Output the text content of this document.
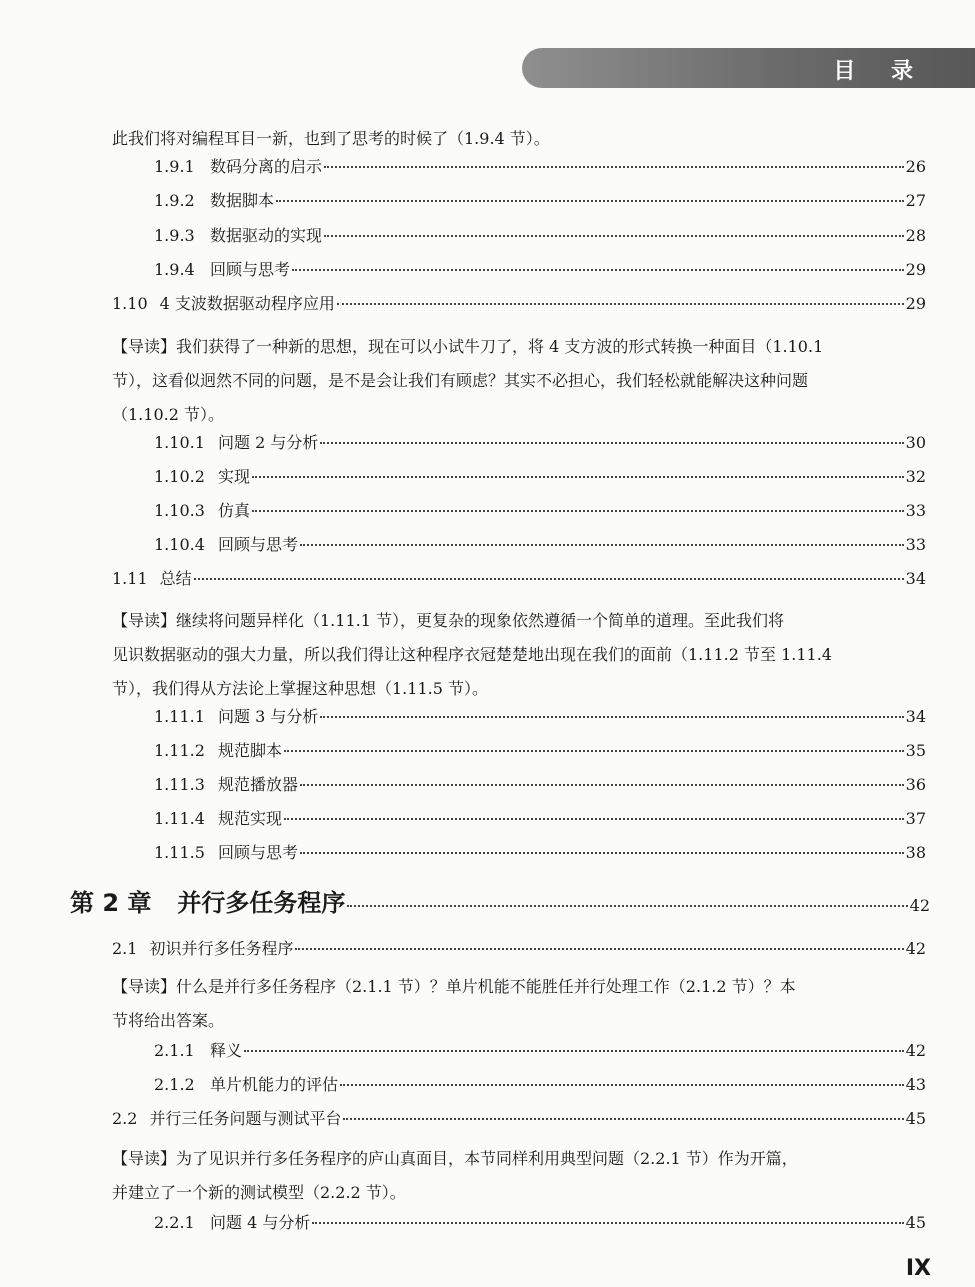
目 录
此我们将对编程耳目一新，也到了思考的时候了（1.9.4 节）。
1.9.1 数码分离的启示	26
1.9.2 数据脚本	27
1.9.3 数据驱动的实现	28
1.9.4 回顾与思考	29
1.10 4 支波数据驱动程序应用	29
【导读】我们获得了一种新的思想，现在可以小试牛刀了，将 4 支方波的形式转换一种面目（1.10.1
节），这看似迥然不同的问题，是不是会让我们有顾虑？其实不必担心，我们轻松就能解决这种问题
（1.10.2 节）。
1.10.1 问题 2 与分析	30
1.10.2 实现	32
1.10.3 仿真	33
1.10.4 回顾与思考	33
1.11 总结	34
【导读】继续将问题异样化（1.11.1 节），更复杂的现象依然遵循一个简单的道理。至此我们将
见识数据驱动的强大力量，所以我们得让这种程序衣冠楚楚地出现在我们的面前（1.11.2 节至 1.11.4
节），我们得从方法论上掌握这种思想（1.11.5 节）。
1.11.1 问题 3 与分析	34
1.11.2 规范脚本	35
1.11.3 规范播放器	36
1.11.4 规范实现	37
1.11.5 回顾与思考	38
第 2 章 并行多任务程序	42
2.1 初识并行多任务程序	42
【导读】什么是并行多任务程序（2.1.1 节）？单片机能不能胜任并行处理工作（2.1.2 节）？本
节将给出答案。
2.1.1 释义	42
2.1.2 单片机能力的评估	43
2.2 并行三任务问题与测试平台	45
【导读】为了见识并行多任务程序的庐山真面目，本节同样利用典型问题（2.2.1 节）作为开篇，
并建立了一个新的测试模型（2.2.2 节）。
2.2.1 问题 4 与分析	45
IX
